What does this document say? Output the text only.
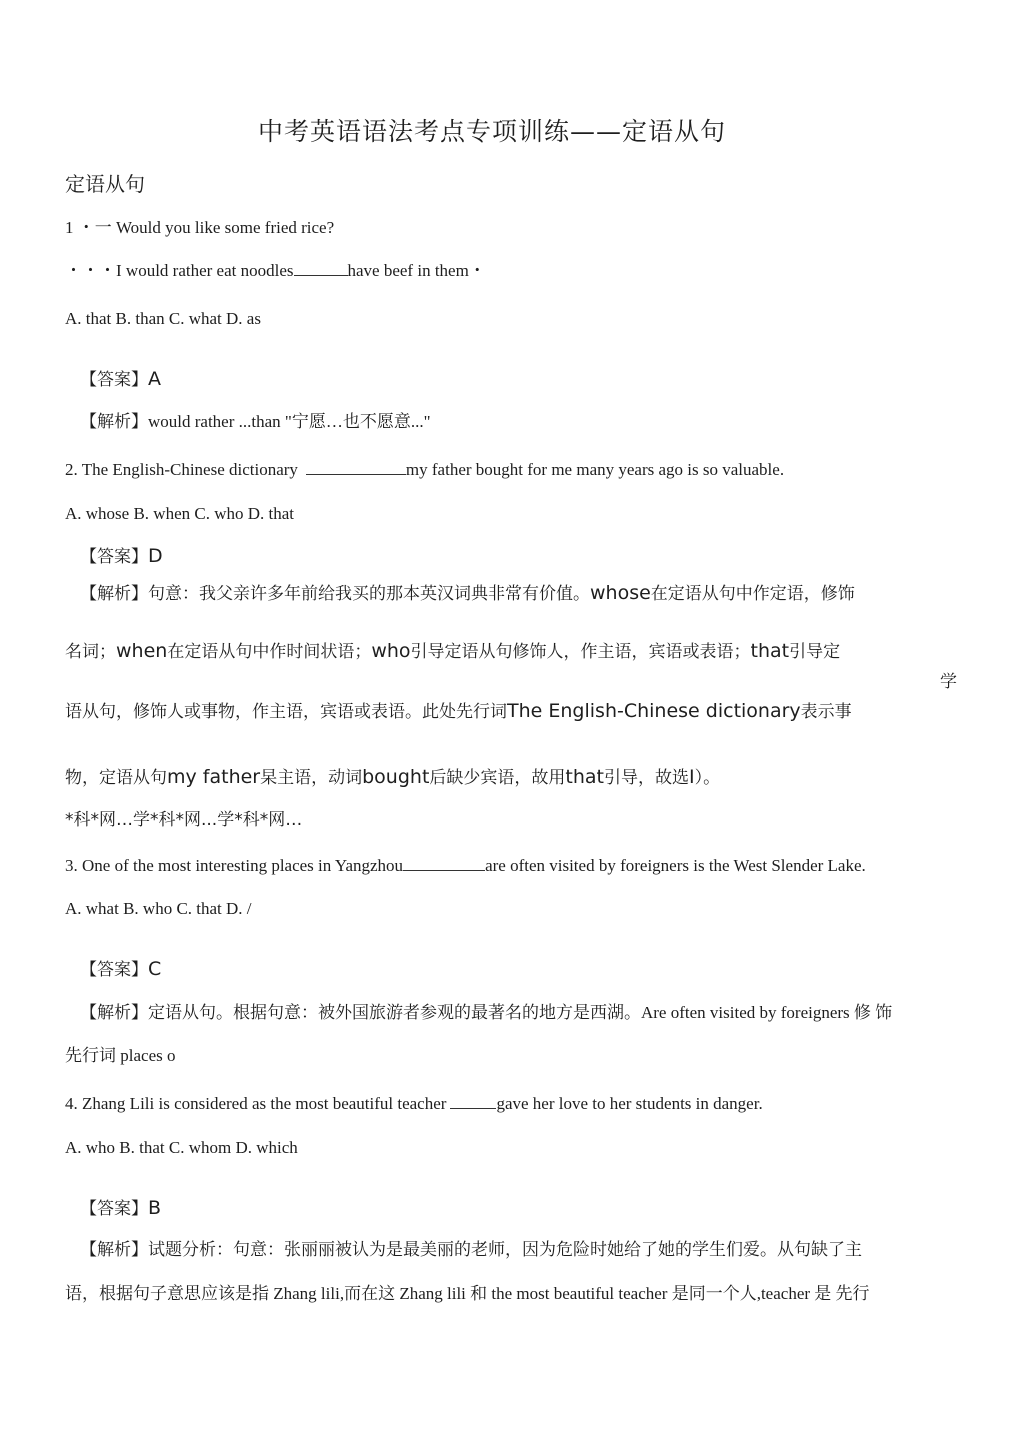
中考英语语法考点专项训练——定语从句
定语从句
1 ・一 Would you like some fried rice?
・・・I would rather eat noodles	have beef in them・
A. that B. than C. what D. as
【答案】A
【解析】would rather ...than "宁愿…也不愿意..."
2. The English-Chinese dictionary	my father bought for me many years ago is so valuable.
A. whose B. when C. who D. that
【答案】D
【解析】句意：我父亲许多年前给我买的那本英汉词典非常有价值。whose在定语从句中作定语，修饰
名词；when在定语从句中作时间状语；who引导定语从句修饰人，作主语，宾语或表语；that引导定
学
语从句，修饰人或事物，作主语，宾语或表语。此处先行词The English-Chinese dictionary表示事
物，定语从句my father杲主语，动词bought后缺少宾语，故用that引导，故选I）。
*科*网…学*科*网...学*科*网…
3. One of the most interesting places in Yangzhou	are often visited by foreigners is the West Slender Lake.
A. what B. who C. that D. /
【答案】C
【解析】定语从句。根据句意：被外国旅游者参观的最著名的地方是西湖。Are often visited by foreigners 修 饰
先行词 places o
4. Zhang Lili is considered as the most beautiful teacher	gave her love to her students in danger.
A. who B. that C. whom D. which
【答案】B
【解析】试题分析：句意：张丽丽被认为是最美丽的老师，因为危险时她给了她的学生们爱。从句缺了主
语，根据句子意思应该是指 Zhang lili,而在这 Zhang lili 和 the most beautiful teacher 是同一个人,teacher 是 先行
